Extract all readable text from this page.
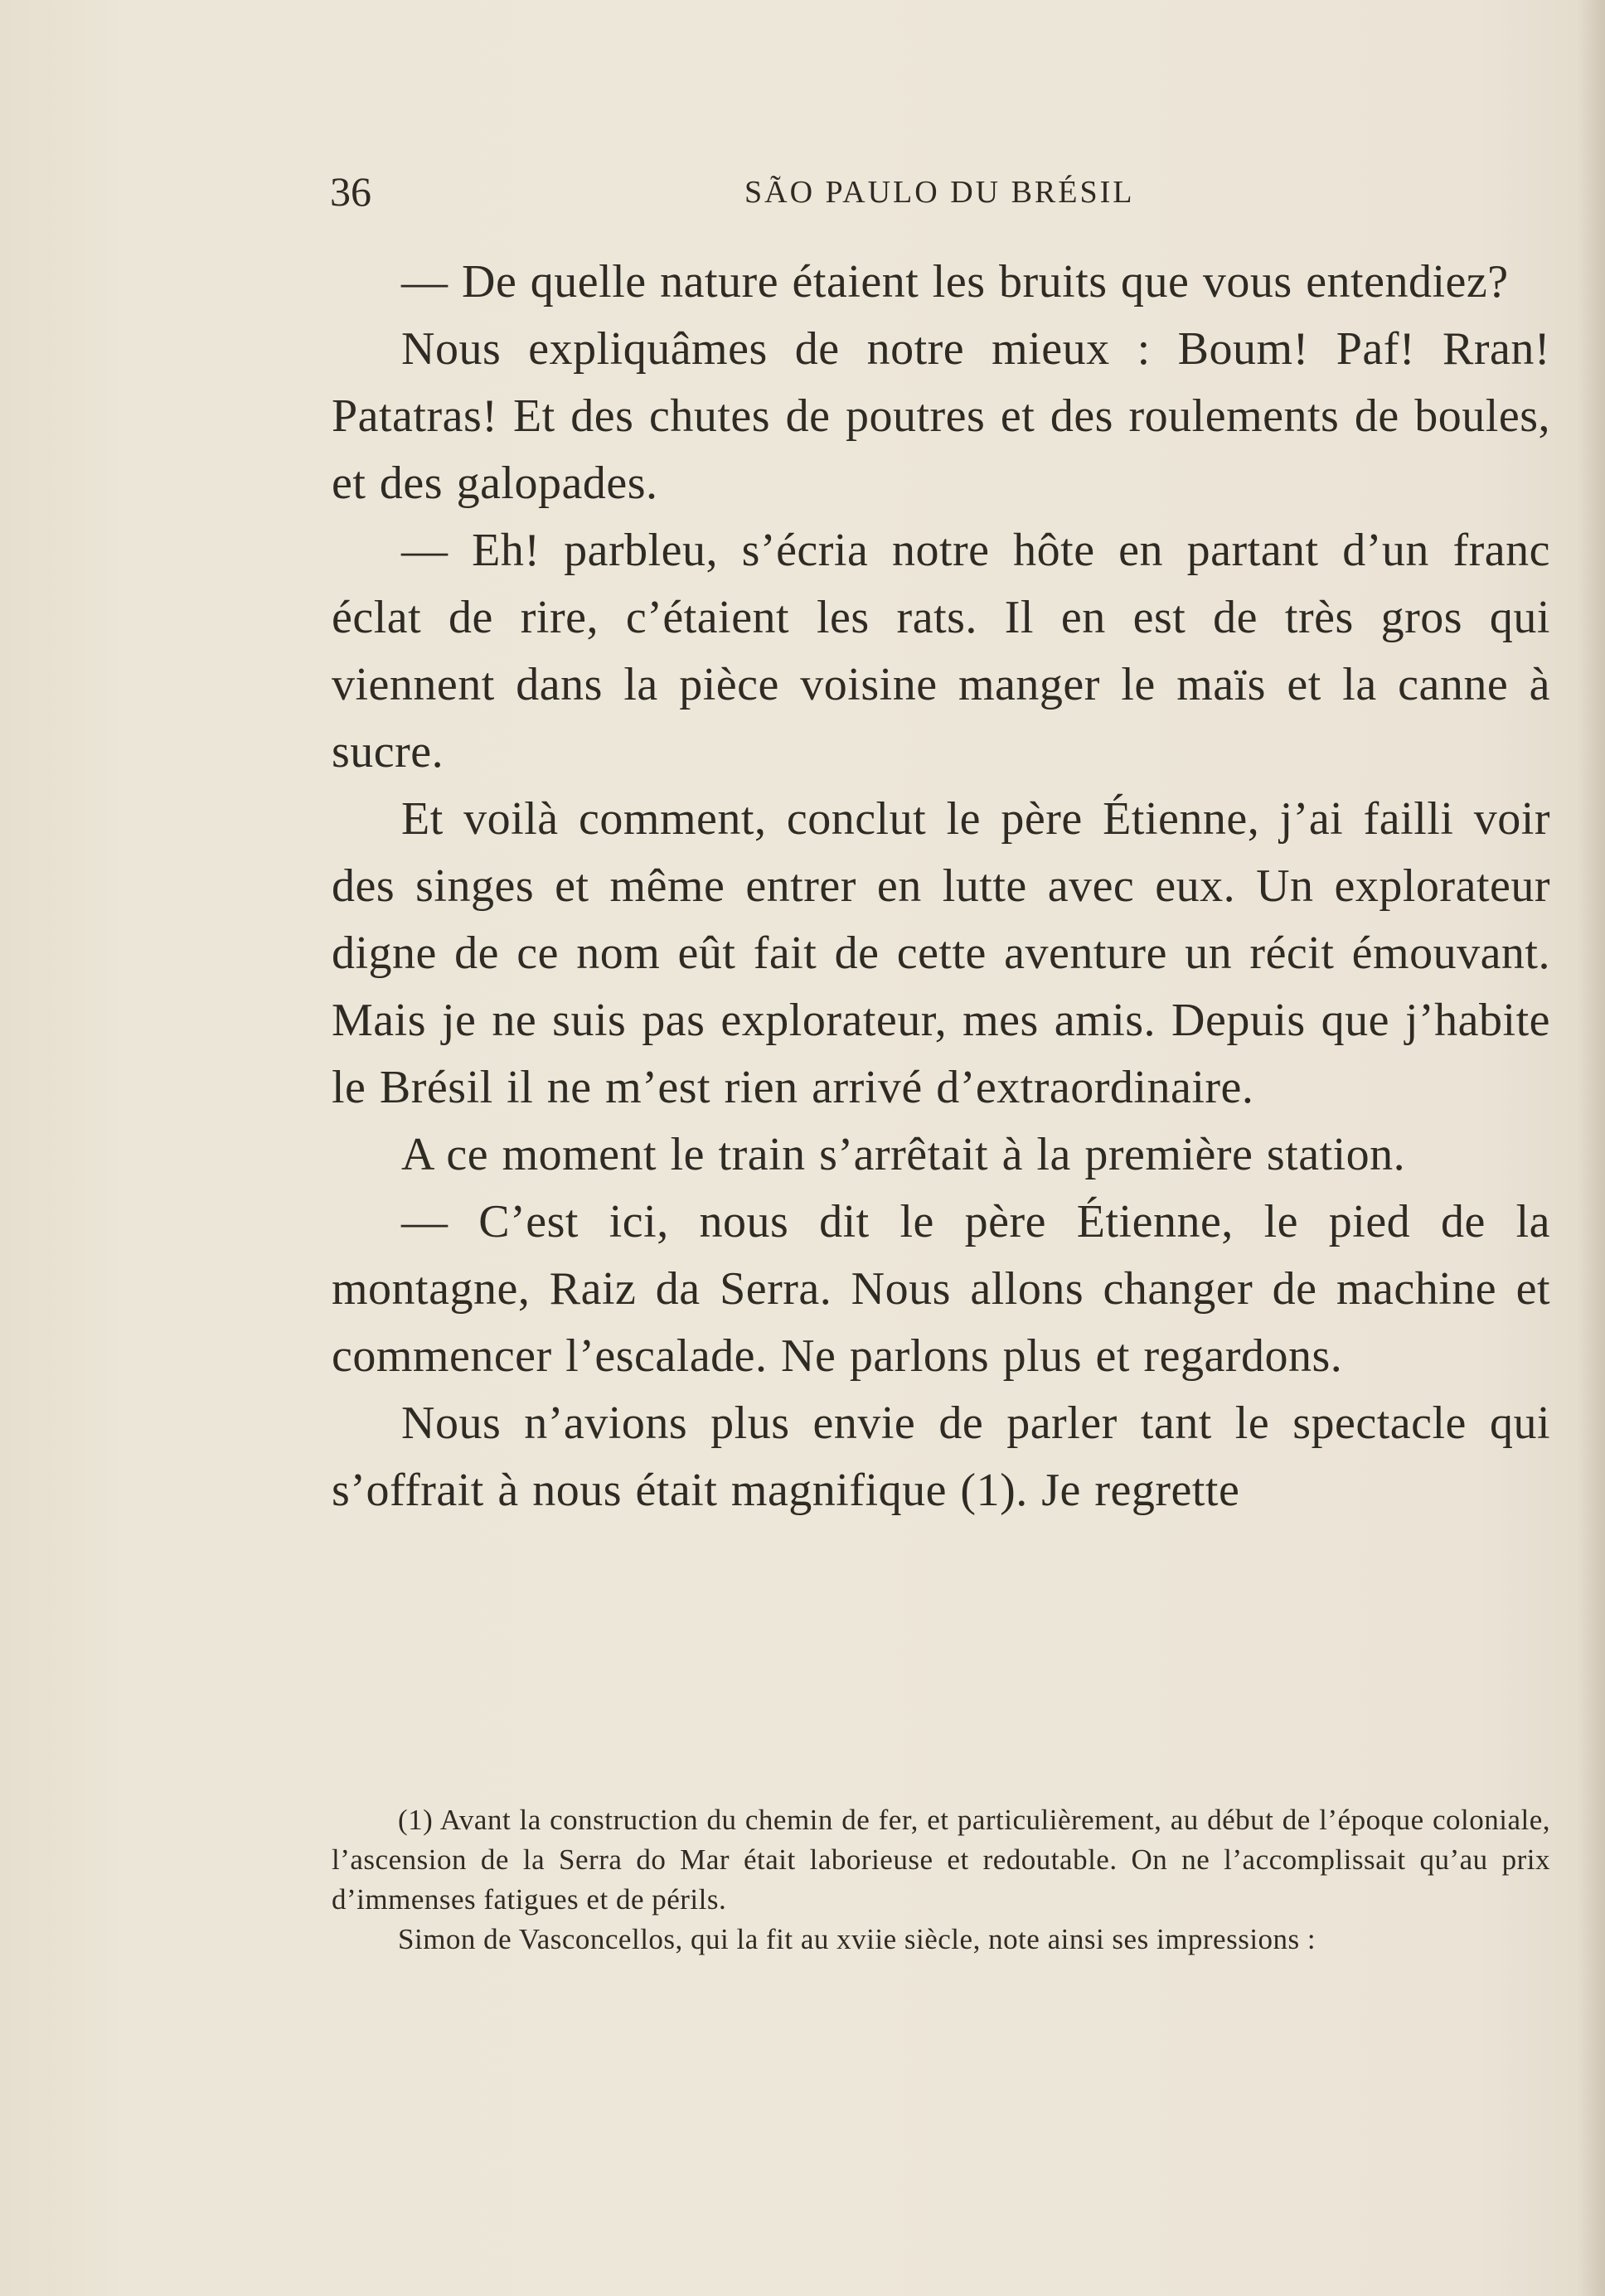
36	SÃO PAULO DU BRÉSIL

— De quelle nature étaient les bruits que vous entendiez?

Nous expliquâmes de notre mieux : Boum! Paf! Rran! Patatras! Et des chutes de poutres et des roulements de boules, et des galopades.

— Eh! parbleu, s’écria notre hôte en partant d’un franc éclat de rire, c’étaient les rats. Il en est de très gros qui viennent dans la pièce voisine manger le maïs et la canne à sucre.

Et voilà comment, conclut le père Étienne, j’ai failli voir des singes et même entrer en lutte avec eux. Un explorateur digne de ce nom eût fait de cette aventure un récit émouvant. Mais je ne suis pas explorateur, mes amis. Depuis que j’habite le Brésil il ne m’est rien arrivé d’extraordinaire.

A ce moment le train s’arrêtait à la première station.

— C’est ici, nous dit le père Étienne, le pied de la montagne, Raiz da Serra. Nous allons changer de machine et commencer l’escalade. Ne parlons plus et regardons.

Nous n’avions plus envie de parler tant le spectacle qui s’offrait à nous était magnifique (1). Je regrette

(1) Avant la construction du chemin de fer, et particulièrement, au début de l’époque coloniale, l’ascension de la Serra do Mar était laborieuse et redoutable. On ne l’accomplissait qu’au prix d’immenses fatigues et de périls.

Simon de Vasconcellos, qui la fit au xviie siècle, note ainsi ses impressions :
